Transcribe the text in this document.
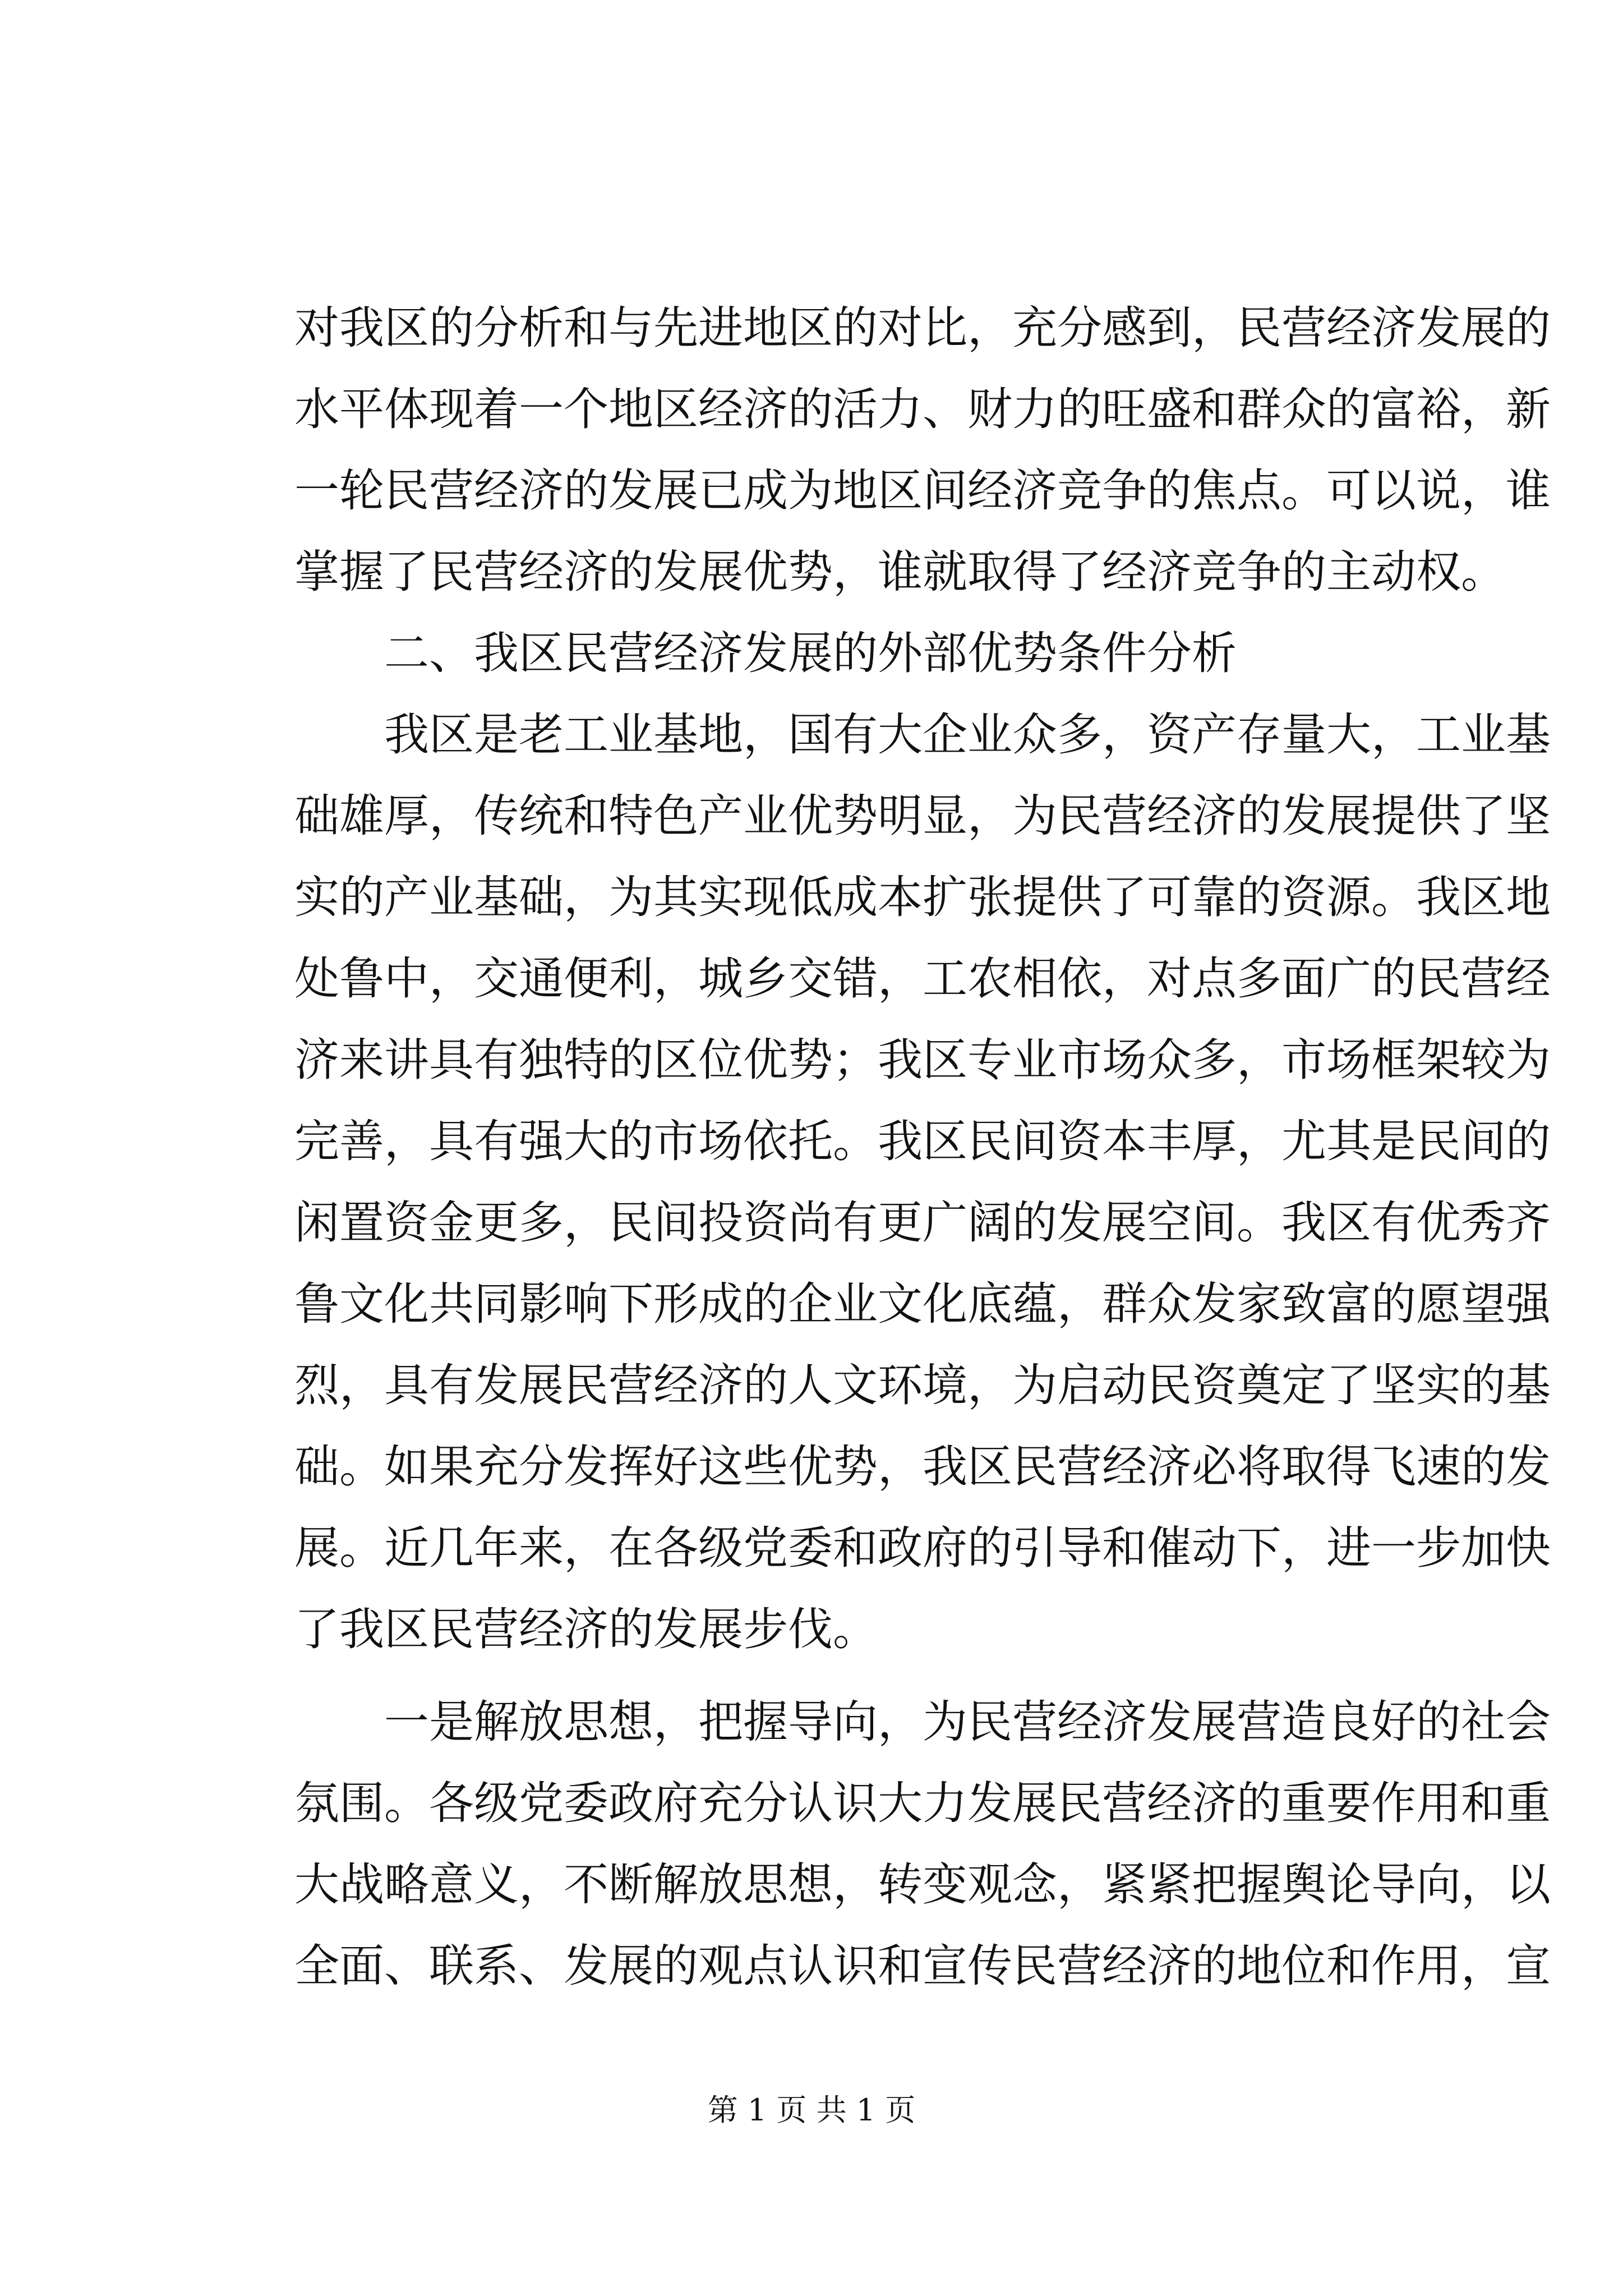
对我区的分析和与先进地区的对比，充分感到，民营经济发展的
水平体现着一个地区经济的活力、财力的旺盛和群众的富裕，新
一轮民营经济的发展已成为地区间经济竞争的焦点。可以说，谁
掌握了民营经济的发展优势，谁就取得了经济竞争的主动权。
二、我区民营经济发展的外部优势条件分析
我区是老工业基地，国有大企业众多，资产存量大，工业基
础雄厚，传统和特色产业优势明显，为民营经济的发展提供了坚
实的产业基础，为其实现低成本扩张提供了可靠的资源。我区地
处鲁中，交通便利，城乡交错，工农相依，对点多面广的民营经
济来讲具有独特的区位优势；我区专业市场众多，市场框架较为
完善，具有强大的市场依托。我区民间资本丰厚，尤其是民间的
闲置资金更多，民间投资尚有更广阔的发展空间。我区有优秀齐
鲁文化共同影响下形成的企业文化底蕴，群众发家致富的愿望强
烈，具有发展民营经济的人文环境，为启动民资奠定了坚实的基
础。如果充分发挥好这些优势，我区民营经济必将取得飞速的发
展。近几年来，在各级党委和政府的引导和催动下，进一步加快
了我区民营经济的发展步伐。
一是解放思想，把握导向，为民营经济发展营造良好的社会
氛围。各级党委政府充分认识大力发展民营经济的重要作用和重
大战略意义，不断解放思想，转变观念，紧紧把握舆论导向，以
全面、联系、发展的观点认识和宣传民营经济的地位和作用，宣
第 1 页 共 1 页
